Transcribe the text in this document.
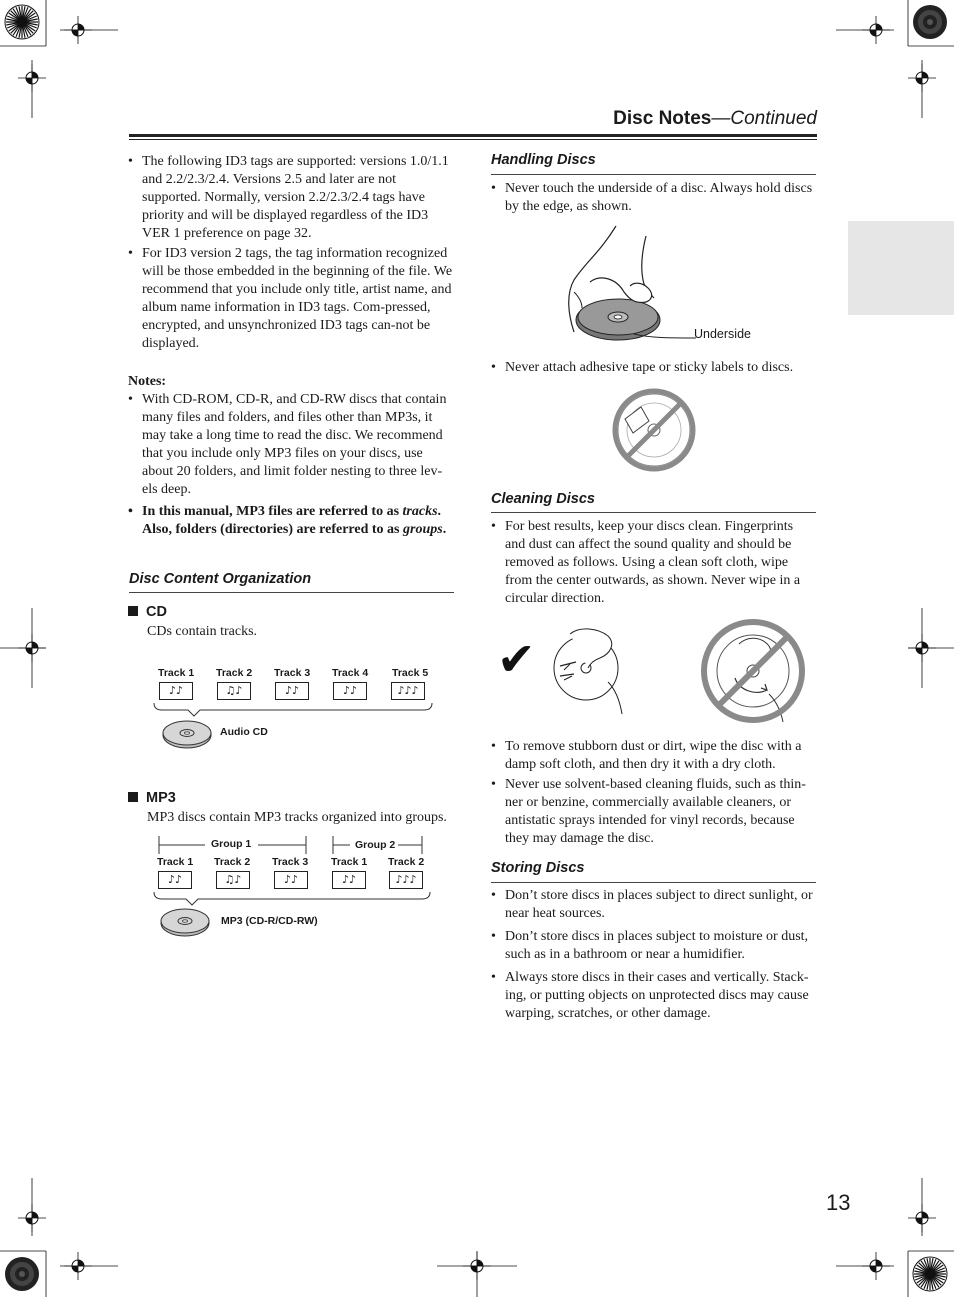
Disc Notes—Continued
• The following ID3 tags are supported: versions 1.0/1.1 and 2.2/2.3/2.4. Versions 2.5 and later are not supported. Normally, version 2.2/2.3/2.4 tags have priority and will be displayed regardless of the ID3 VER 1 preference on page 32.
• For ID3 version 2 tags, the tag information recognized will be those embedded in the beginning of the file. We recommend that you include only title, artist name, and album name information in ID3 tags. Com-pressed, encrypted, and unsynchronized ID3 tags can-not be displayed.
Notes:
• With CD-ROM, CD-R, and CD-RW discs that contain many files and folders, and files other than MP3s, it may take a long time to read the disc. We recommend that you include only MP3 files on your discs, use about 20 folders, and limit folder nesting to three lev-els deep.
• In this manual, MP3 files are referred to as tracks. Also, folders (directories) are referred to as groups.
Disc Content Organization
CD
CDs contain tracks.
Track 1 Track 2 Track 3 Track 4 Track 5
♪♪	♫♪	♪♪	♪♪	♪♪♪
Audio CD
MP3
MP3 discs contain MP3 tracks organized into groups.
Group 1	Group 2
Track 1 Track 2 Track 3 Track 1 Track 2
♪♪	♫♪	♪♪	♪♪	♪♪♪
MP3 (CD-R/CD-RW)
Handling Discs
• Never touch the underside of a disc. Always hold discs by the edge, as shown.
Underside
• Never attach adhesive tape or sticky labels to discs.
Cleaning Discs
• For best results, keep your discs clean. Fingerprints and dust can affect the sound quality and should be removed as follows. Using a clean soft cloth, wipe from the center outwards, as shown. Never wipe in a circular direction.
✔
• To remove stubborn dust or dirt, wipe the disc with a damp soft cloth, and then dry it with a dry cloth.
• Never use solvent-based cleaning fluids, such as thin-ner or benzine, commercially available cleaners, or antistatic sprays intended for vinyl records, because they may damage the disc.
Storing Discs
• Don’t store discs in places subject to direct sunlight, or near heat sources.
• Don’t store discs in places subject to moisture or dust, such as in a bathroom or near a humidifier.
• Always store discs in their cases and vertically. Stack-ing, or putting objects on unprotected discs may cause warping, scratches, or other damage.
13
